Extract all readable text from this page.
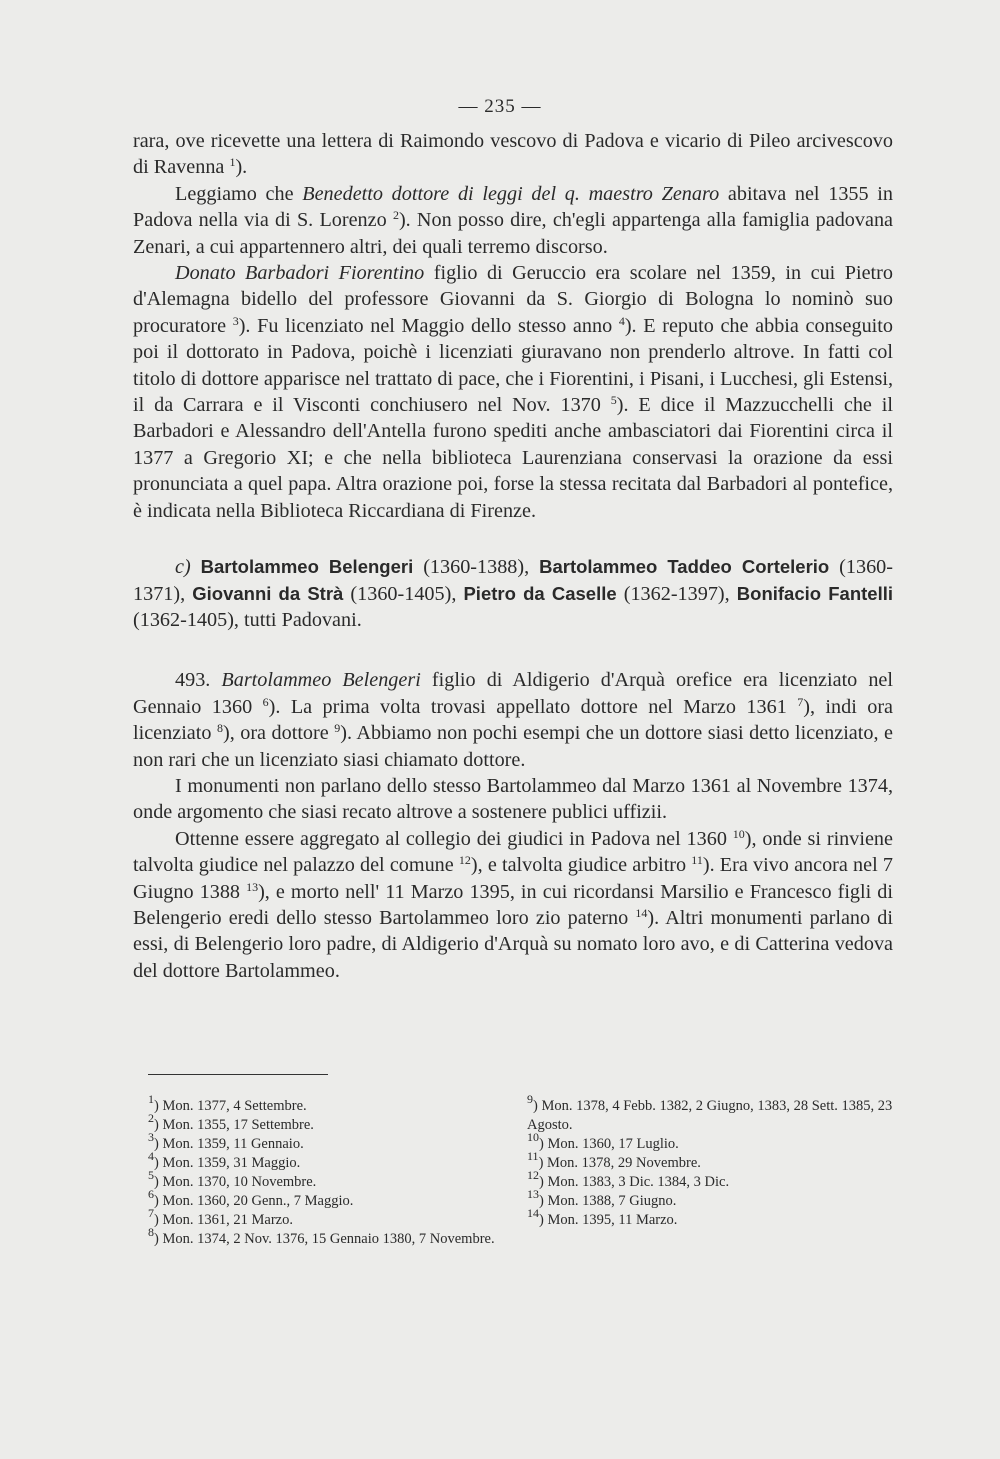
— 235 —

rara, ove ricevette una lettera di Raimondo vescovo di Padova e vicario di Pileo arcivescovo di Ravenna $^1$).

Leggiamo che Benedetto dottore di leggi del q. maestro Zenaro abitava nel 1355 in Padova nella via di S. Lorenzo $^2$). Non posso dire, ch'egli appartenga alla famiglia padovana Zenari, a cui appartennero altri, dei quali terremo discorso.

Donato Barbadori Fiorentino figlio di Geruccio era scolare nel 1359, in cui Pietro d'Alemagna bidello del professore Giovanni da S. Giorgio di Bologna lo nominò suo procuratore $^3$). Fu licenziato nel Maggio dello stesso anno $^4$). E reputo che abbia conseguito poi il dottorato in Padova, poichè i licenziati giuravano non prenderlo altrove. In fatti col titolo di dottore apparisce nel trattato di pace, che i Fiorentini, i Pisani, i Lucchesi, gli Estensi, il da Carrara e il Visconti conchiusero nel Nov. 1370 $^5$). E dice il Mazzucchelli che il Barbadori e Alessandro dell'Antella furono spediti anche ambasciatori dai Fiorentini circa il 1377 a Gregorio XI; e che nella biblioteca Laurenziana conservasi la orazione da essi pronunciata a quel papa. Altra orazione poi, forse la stessa recitata dal Barbadori al pontefice, è indicata nella Biblioteca Riccardiana di Firenze.

c) Bartolammeo Belengeri (1360-1388), Bartolammeo Taddeo Cortelerio (1360-1371), Giovanni da Strà (1360-1405), Pietro da Caselle (1362-1397), Bonifacio Fantelli (1362-1405), tutti Padovani.

493. Bartolammeo Belengeri figlio di Aldigerio d'Arquà orefice era licenziato nel Gennaio 1360 $^6$). La prima volta trovasi appellato dottore nel Marzo 1361 $^7$), indi ora licenziato $^8$), ora dottore $^9$). Abbiamo non pochi esempi che un dottore siasi detto licenziato, e non rari che un licenziato siasi chiamato dottore.

I monumenti non parlano dello stesso Bartolammeo dal Marzo 1361 al Novembre 1374, onde argomento che siasi recato altrove a sostenere publici uffizii.

Ottenne essere aggregato al collegio dei giudici in Padova nel 1360 $^{10}$), onde si rinviene talvolta giudice nel palazzo del comune $^{12}$), e talvolta giudice arbitro $^{11}$). Era vivo ancora nel 7 Giugno 1388 $^{13}$), e morto nell' 11 Marzo 1395, in cui ricordansi Marsilio e Francesco figli di Belengerio eredi dello stesso Bartolammeo loro zio paterno $^{14}$). Altri monumenti parlano di essi, di Belengerio loro padre, di Aldigerio d'Arquà su nomato loro avo, e di Catterina vedova del dottore Bartolammeo.

$^1$) Mon. 1377, 4 Settembre.

$^2$) Mon. 1355, 17 Settembre.

$^3$) Mon. 1359, 11 Gennaio.

$^4$) Mon. 1359, 31 Maggio.

$^5$) Mon. 1370, 10 Novembre.

$^6$) Mon. 1360, 20 Genn., 7 Maggio.

$^7$) Mon. 1361, 21 Marzo.

$^8$) Mon. 1374, 2 Nov. 1376, 15 Gennaio 1380, 7 Novembre.

$^9$) Mon. 1378, 4 Febb. 1382, 2 Giugno, 1383, 28 Sett. 1385, 23 Agosto.

$^{10}$) Mon. 1360, 17 Luglio.

$^{11}$) Mon. 1378, 29 Novembre.

$^{12}$) Mon. 1383, 3 Dic. 1384, 3 Dic.

$^{13}$) Mon. 1388, 7 Giugno.

$^{14}$) Mon. 1395, 11 Marzo.
